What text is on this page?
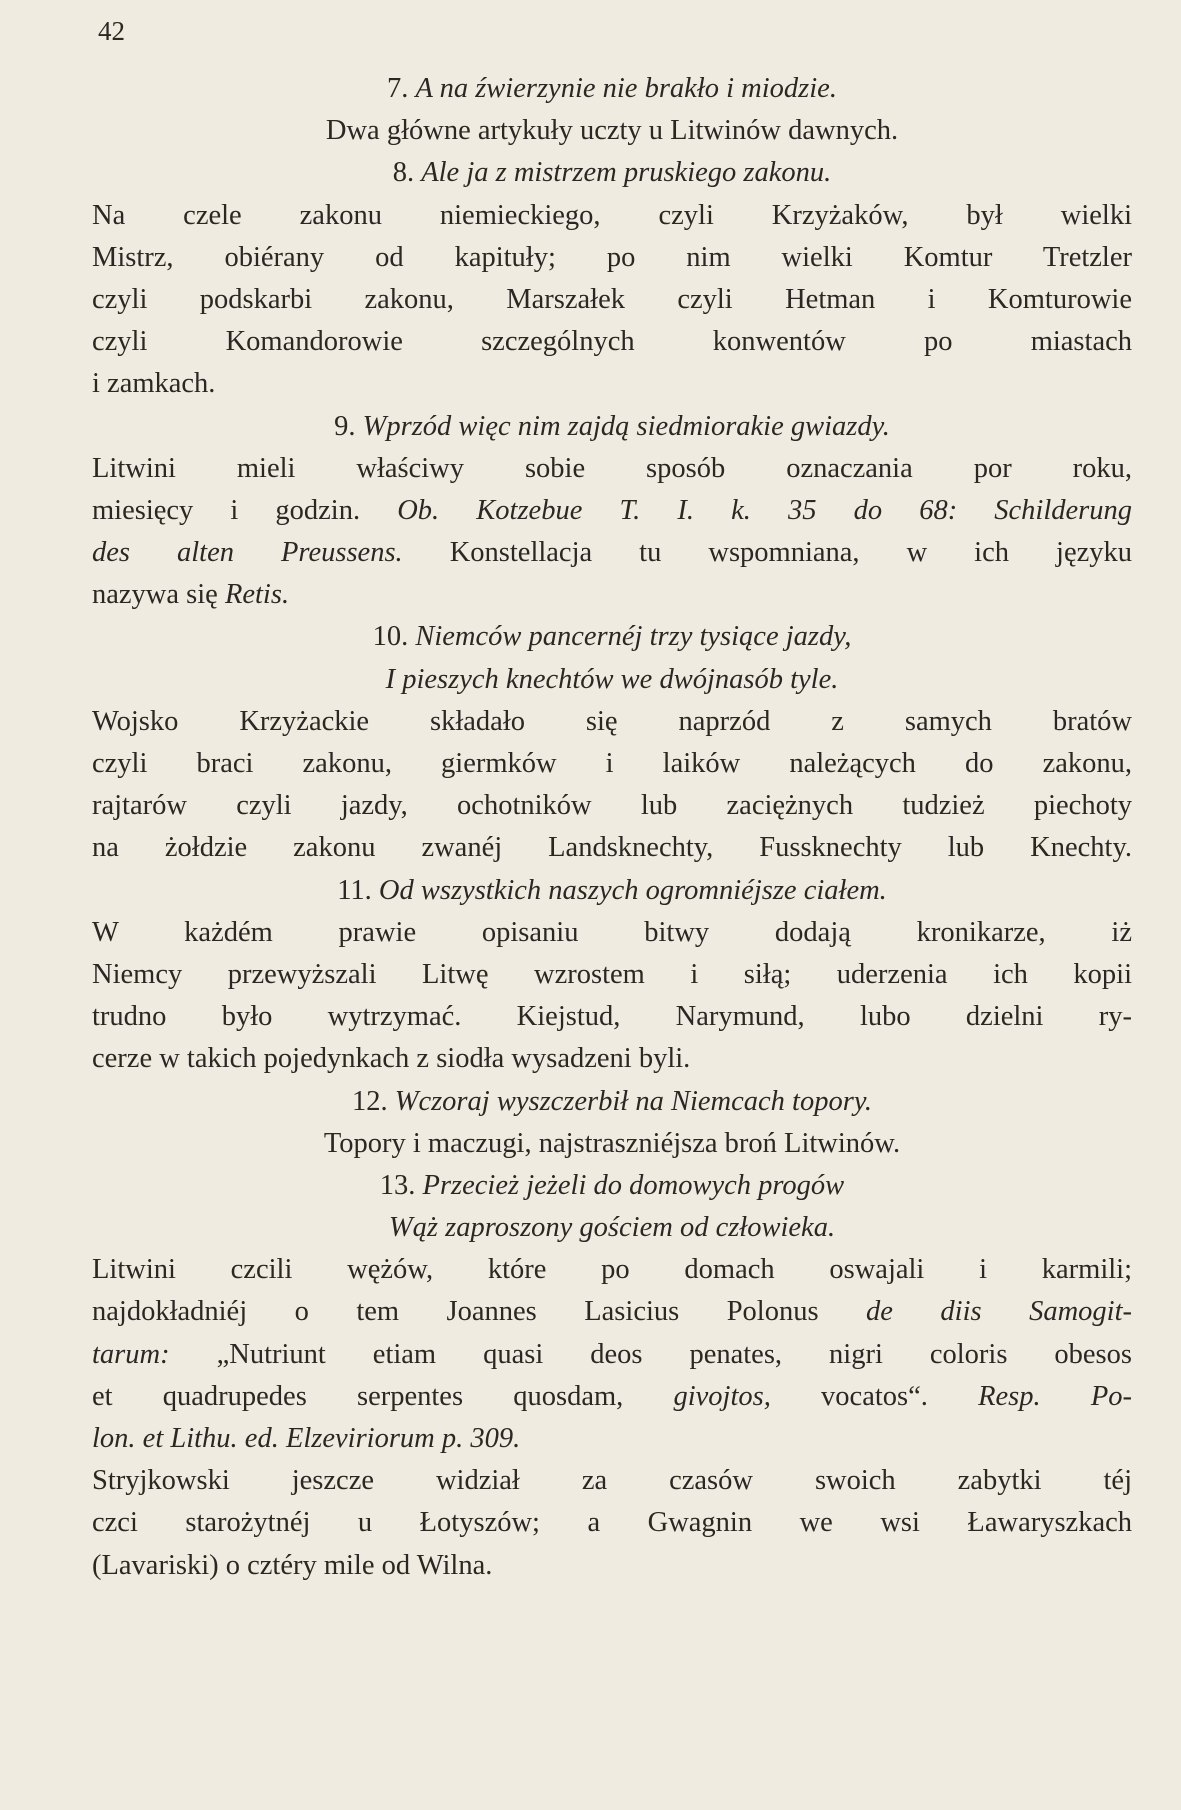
42
7. A na źwierzynie nie brakło i miodzie.
Dwa główne artykuły uczty u Litwinów dawnych.
8. Ale ja z mistrzem pruskiego zakonu.
Na czele zakonu niemieckiego, czyli Krzyżaków, był wielki
Mistrz, obiérany od kapituły; po nim wielki Komtur Tretzler
czyli podskarbi zakonu, Marszałek czyli Hetman i Komturowie
czyli Komandorowie szczególnych konwentów po miastach
i zamkach.
9. Wprzód więc nim zajdą siedmiorakie gwiazdy.
Litwini mieli właściwy sobie sposób oznaczania por roku,
miesięcy i godzin. Ob. Kotzebue T. I. k. 35 do 68: Schilderung
des alten Preussens. Konstellacja tu wspomniana, w ich języku
nazywa się Retis.
10. Niemców pancernéj trzy tysiące jazdy,
I pieszych knechtów we dwójnasób tyle.
Wojsko Krzyżackie składało się naprzód z samych bratów
czyli braci zakonu, giermków i laików należących do zakonu,
rajtarów czyli jazdy, ochotników lub zaciężnych tudzież piechoty
na żołdzie zakonu zwanéj Landsknechty, Fussknechty lub Knechty.
11. Od wszystkich naszych ogromniéjsze ciałem.
W każdém prawie opisaniu bitwy dodają kronikarze, iż
Niemcy przewyższali Litwę wzrostem i siłą; uderzenia ich kopii
trudno było wytrzymać. Kiejstud, Narymund, lubo dzielni ry-
cerze w takich pojedynkach z siodła wysadzeni byli.
12. Wczoraj wyszczerbił na Niemcach topory.
Topory i maczugi, najstraszniéjsza broń Litwinów.
13. Przecież jeżeli do domowych progów
Wąż zaproszony gościem od człowieka.
Litwini czcili wężów, które po domach oswajali i karmili;
najdokładniéj o tem Joannes Lasicius Polonus de diis Samogit-
tarum: „Nutriunt etiam quasi deos penates, nigri coloris obesos
et quadrupedes serpentes quosdam, givojtos, vocatos“. Resp. Po-
lon. et Lithu. ed. Elzeviriorum p. 309.
Stryjkowski jeszcze widział za czasów swoich zabytki téj
czci starożytnéj u Łotyszów; a Gwagnin we wsi Ławaryszkach
(Lavariski) o cztéry mile od Wilna.
